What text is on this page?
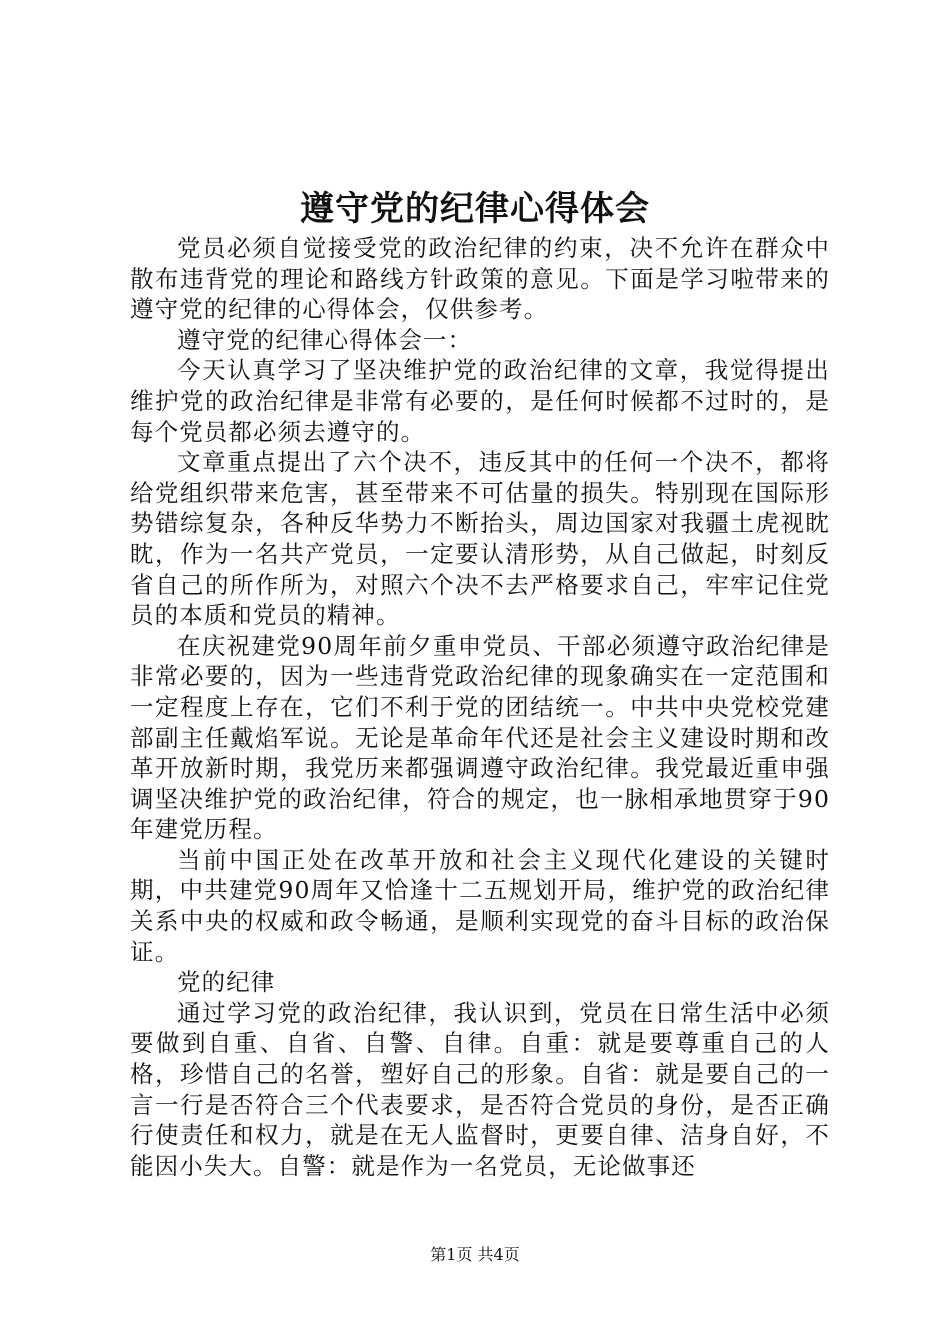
遵守党的纪律心得体会

党员必须自觉接受党的政治纪律的约束，决不允许在群众中散布违背党的理论和路线方针政策的意见。下面是学习啦带来的遵守党的纪律的心得体会，仅供参考。

遵守党的纪律心得体会一：

今天认真学习了坚决维护党的政治纪律的文章，我觉得提出维护党的政治纪律是非常有必要的，是任何时候都不过时的，是每个党员都必须去遵守的。

文章重点提出了六个决不，违反其中的任何一个决不，都将给党组织带来危害，甚至带来不可估量的损失。特别现在国际形势错综复杂，各种反华势力不断抬头，周边国家对我疆土虎视眈眈，作为一名共产党员，一定要认清形势，从自己做起，时刻反省自己的所作所为，对照六个决不去严格要求自己，牢牢记住党员的本质和党员的精神。

在庆祝建党90周年前夕重申党员、干部必须遵守政治纪律是非常必要的，因为一些违背党政治纪律的现象确实在一定范围和一定程度上存在，它们不利于党的团结统一。中共中央党校党建部副主任戴焰军说。无论是革命年代还是社会主义建设时期和改革开放新时期，我党历来都强调遵守政治纪律。我党最近重申强调坚决维护党的政治纪律，符合的规定，也一脉相承地贯穿于90年建党历程。

当前中国正处在改革开放和社会主义现代化建设的关键时期，中共建党90周年又恰逢十二五规划开局，维护党的政治纪律关系中央的权威和政令畅通，是顺利实现党的奋斗目标的政治保证。

党的纪律

通过学习党的政治纪律，我认识到，党员在日常生活中必须要做到自重、自省、自警、自律。自重：就是要尊重自己的人格，珍惜自己的名誉，塑好自己的形象。自省：就是要自己的一言一行是否符合三个代表要求，是否符合党员的身份，是否正确行使责任和权力，就是在无人监督时，更要自律、洁身自好，不能因小失大。自警：就是作为一名党员，无论做事还

第1页 共4页
